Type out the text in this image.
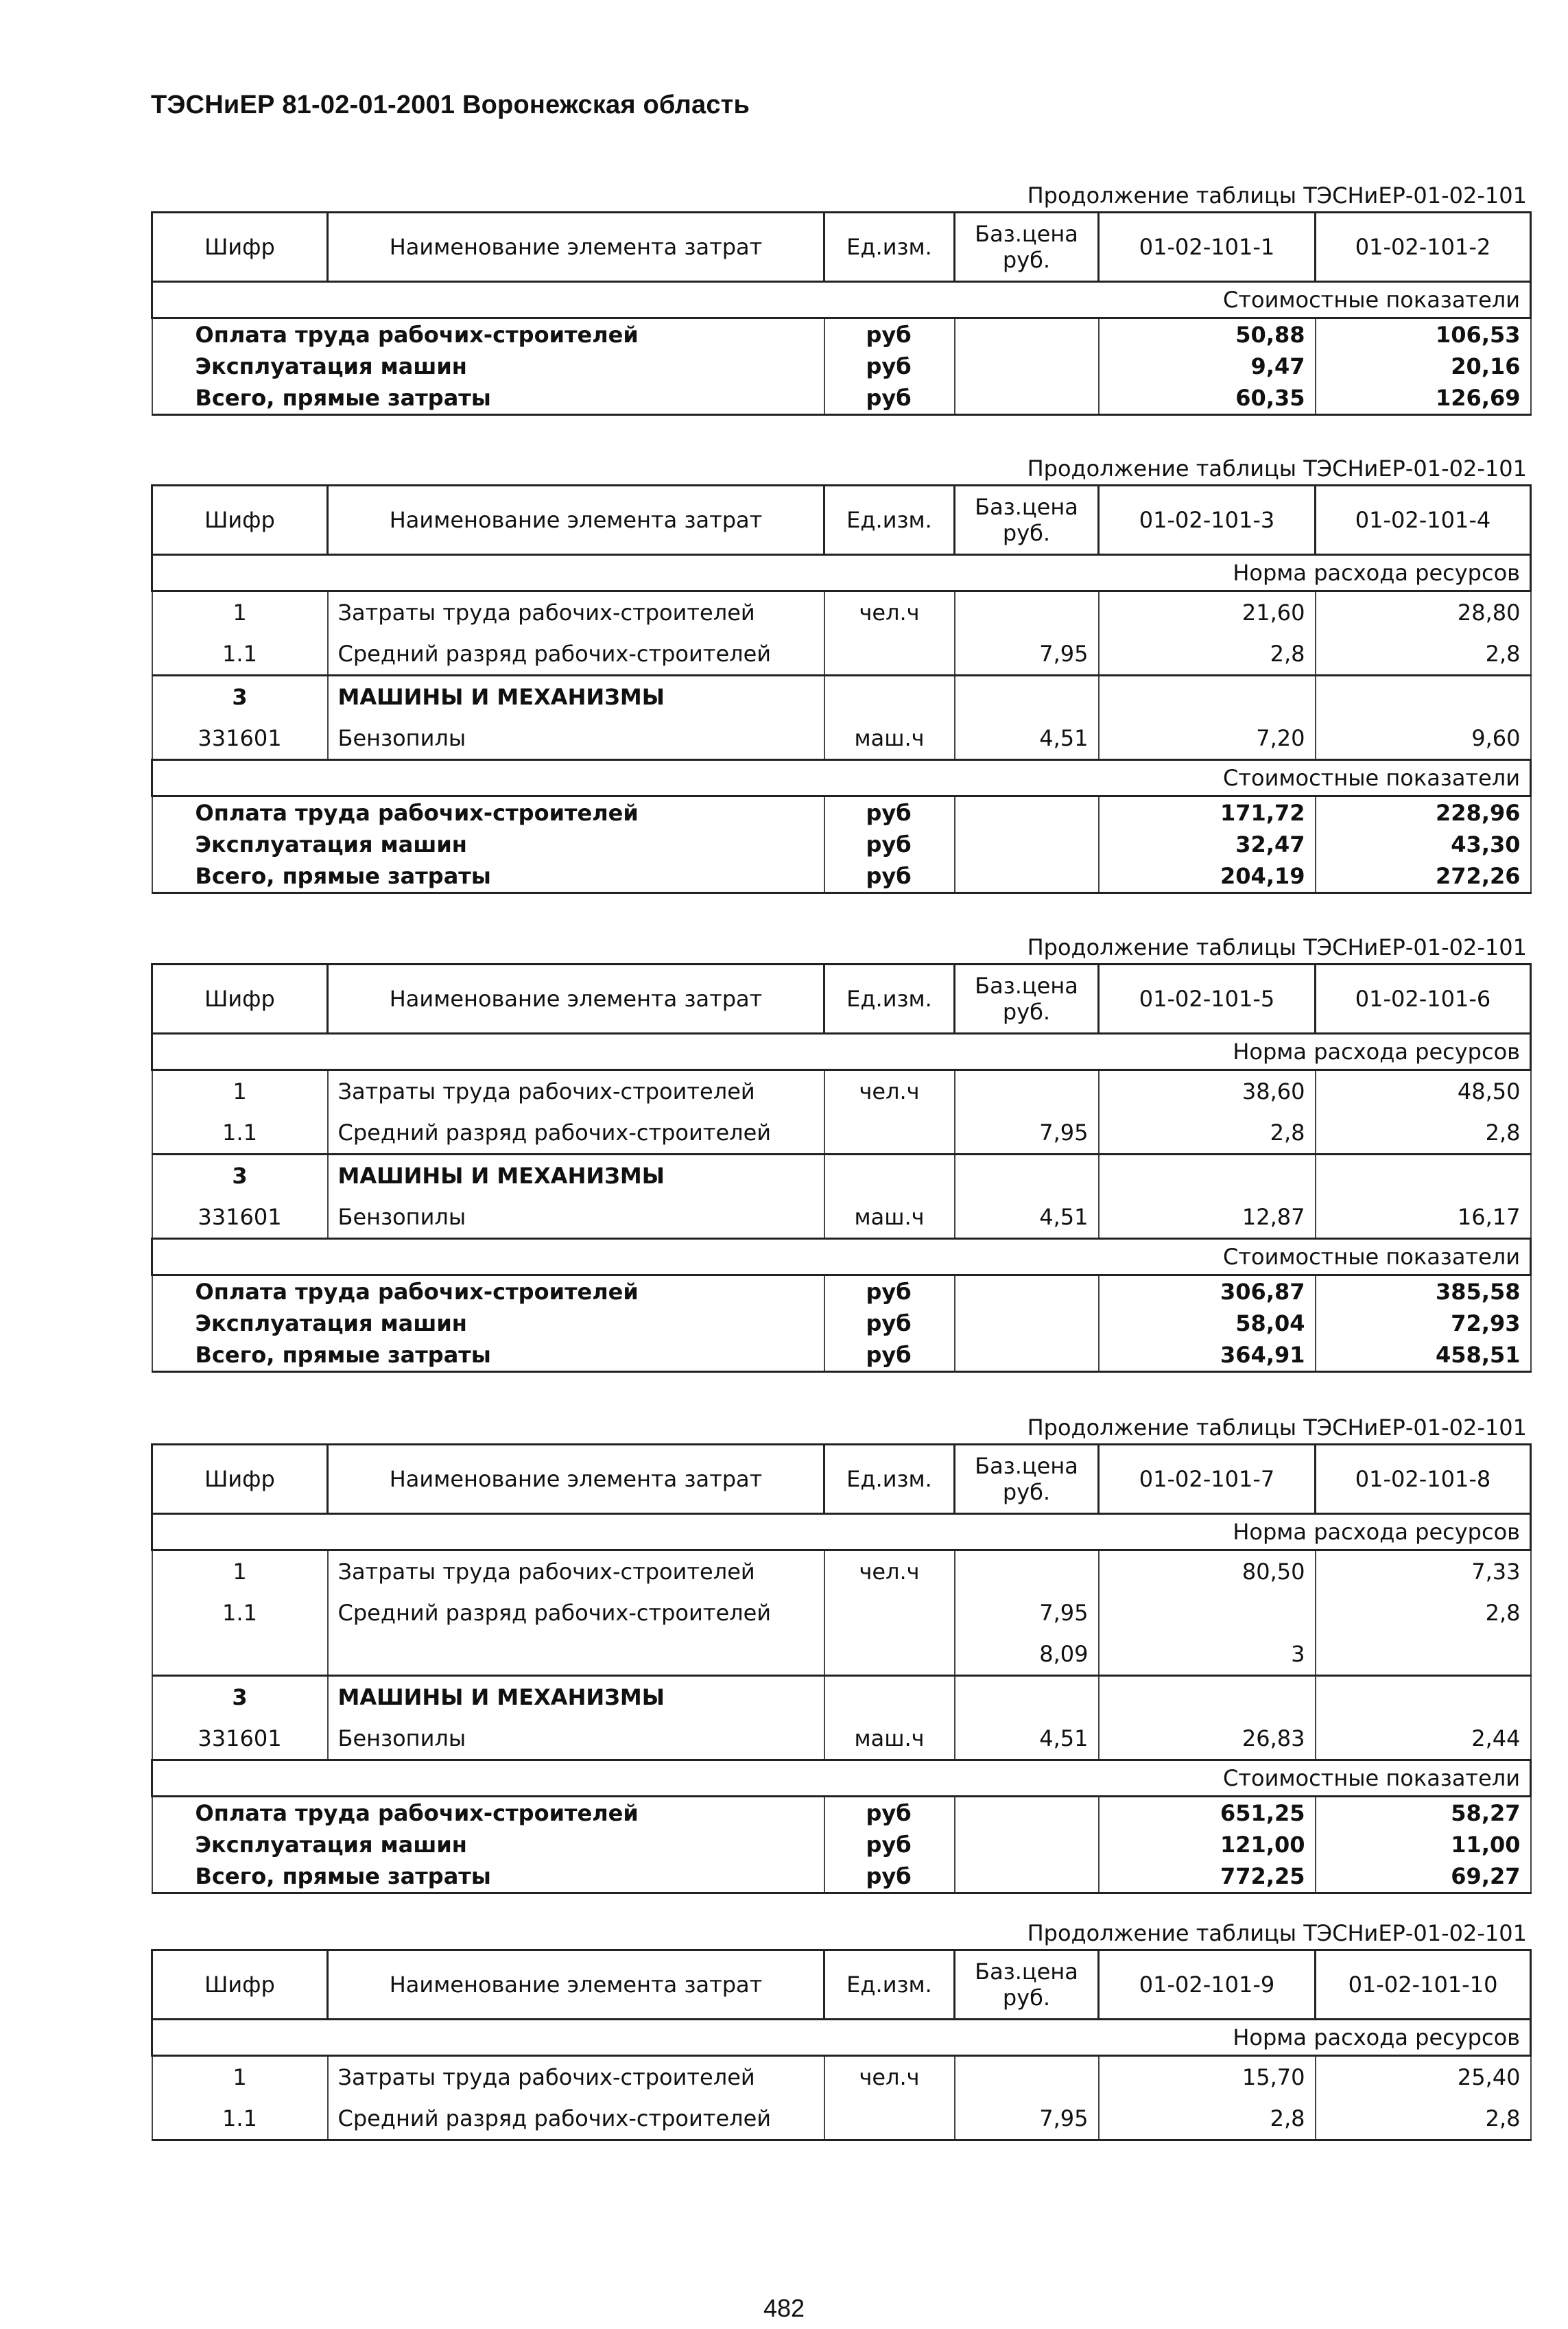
ТЭСНиЕР 81-02-01-2001 Воронежская область
Продолжение таблицы ТЭСНиЕР-01-02-101
Шифр	Наименование элемента затрат	Ед.изм.	Баз.цена
руб.	01-02-101-1	01-02-101-2
Стоимостные показатели					
Оплата труда рабочих-строителей		руб		50,88	106,53
Эксплуатация машин		руб		9,47	20,16
Всего, прямые затраты		руб		60,35	126,69
Продолжение таблицы ТЭСНиЕР-01-02-101
Шифр	Наименование элемента затрат	Ед.изм.	Баз.цена
руб.	01-02-101-3	01-02-101-4
Норма расхода ресурсов					
1	Затраты труда рабочих-строителей	чел.ч		21,60	28,80
1.1	Средний разряд рабочих-строителей		7,95	2,8	2,8
3	МАШИНЫ И МЕХАНИЗМЫ				
331601	Бензопилы	маш.ч	4,51	7,20	9,60
Стоимостные показатели					
Оплата труда рабочих-строителей		руб		171,72	228,96
Эксплуатация машин		руб		32,47	43,30
Всего, прямые затраты		руб		204,19	272,26
Продолжение таблицы ТЭСНиЕР-01-02-101
Шифр	Наименование элемента затрат	Ед.изм.	Баз.цена
руб.	01-02-101-5	01-02-101-6
Норма расхода ресурсов					
1	Затраты труда рабочих-строителей	чел.ч		38,60	48,50
1.1	Средний разряд рабочих-строителей		7,95	2,8	2,8
3	МАШИНЫ И МЕХАНИЗМЫ				
331601	Бензопилы	маш.ч	4,51	12,87	16,17
Стоимостные показатели					
Оплата труда рабочих-строителей		руб		306,87	385,58
Эксплуатация машин		руб		58,04	72,93
Всего, прямые затраты		руб		364,91	458,51
Продолжение таблицы ТЭСНиЕР-01-02-101
Шифр	Наименование элемента затрат	Ед.изм.	Баз.цена
руб.	01-02-101-7	01-02-101-8
Норма расхода ресурсов					
1	Затраты труда рабочих-строителей	чел.ч		80,50	7,33
1.1	Средний разряд рабочих-строителей		7,95		2,8
			8,09	3	
3	МАШИНЫ И МЕХАНИЗМЫ				
331601	Бензопилы	маш.ч	4,51	26,83	2,44
Стоимостные показатели					
Оплата труда рабочих-строителей		руб		651,25	58,27
Эксплуатация машин		руб		121,00	11,00
Всего, прямые затраты		руб		772,25	69,27
Продолжение таблицы ТЭСНиЕР-01-02-101
Шифр	Наименование элемента затрат	Ед.изм.	Баз.цена
руб.	01-02-101-9	01-02-101-10
Норма расхода ресурсов					
1	Затраты труда рабочих-строителей	чел.ч		15,70	25,40
1.1	Средний разряд рабочих-строителей		7,95	2,8	2,8
482
